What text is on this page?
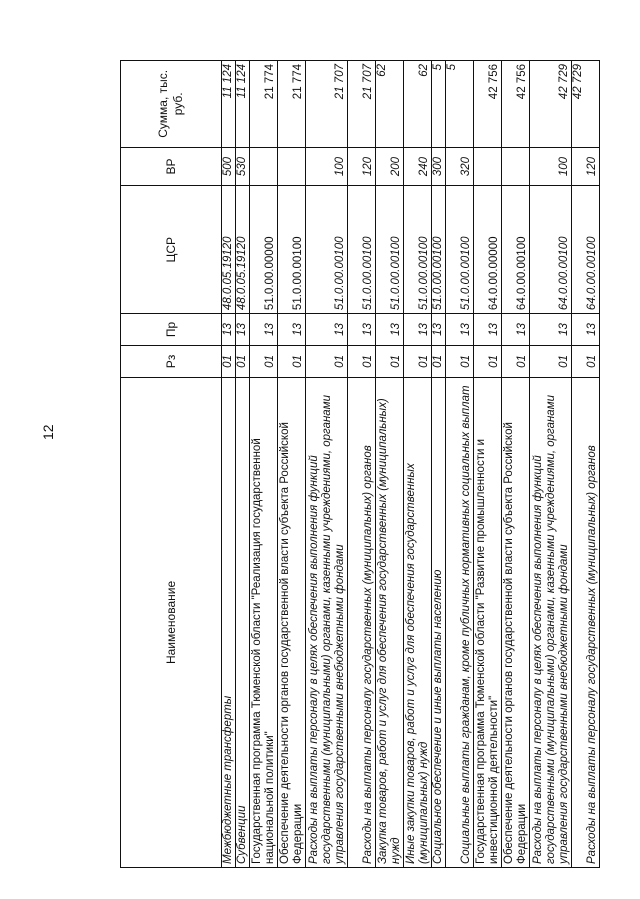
12
Наименование	Рз	Пр	ЦСР	ВР	Сумма, тыс. руб.
Межбюджетные трансферты	01	13	48.0.05.19120	500	11 124
Субвенции	01	13	48.0.05.19120	530	11 124
Государственная программа Тюменской области "Реализация государственной национальной политики"	01	13	51.0.00.00000		21 774
Обеспечение деятельности органов государственной власти субъекта Российской Федерации	01	13	51.0.00.00100		21 774
Расходы на выплаты персоналу в целях обеспечения выполнения функций государственными (муниципальными) органами, казенными учреждениями, органами управления государственными внебюджетными фондами	01	13	51.0.00.00100	100	21 707
Расходы на выплаты персоналу государственных (муниципальных) органов	01	13	51.0.00.00100	120	21 707
Закупка товаров, работ и услуг для обеспечения государственных (муниципальных) нужд	01	13	51.0.00.00100	200	62
Иные закупки товаров, работ и услуг для обеспечения государственных (муниципальных) нужд	01	13	51.0.00.00100	240	62
Социальное обеспечение и иные выплаты населению	01	13	51.0.00.00100	300	5
Социальные выплаты гражданам, кроме публичных нормативных социальных выплат	01	13	51.0.00.00100	320	5
Государственная программа Тюменской области "Развитие промышленности и инвестиционной деятельности"	01	13	64.0.00.00000		42 756
Обеспечение деятельности органов государственной власти субъекта Российской Федерации	01	13	64.0.00.00100		42 756
Расходы на выплаты персоналу в целях обеспечения выполнения функций государственными (муниципальными) органами, казенными учреждениями, органами управления государственными внебюджетными фондами	01	13	64.0.00.00100	100	42 729
Расходы на выплаты персоналу государственных (муниципальных) органов	01	13	64.0.00.00100	120	42 729
